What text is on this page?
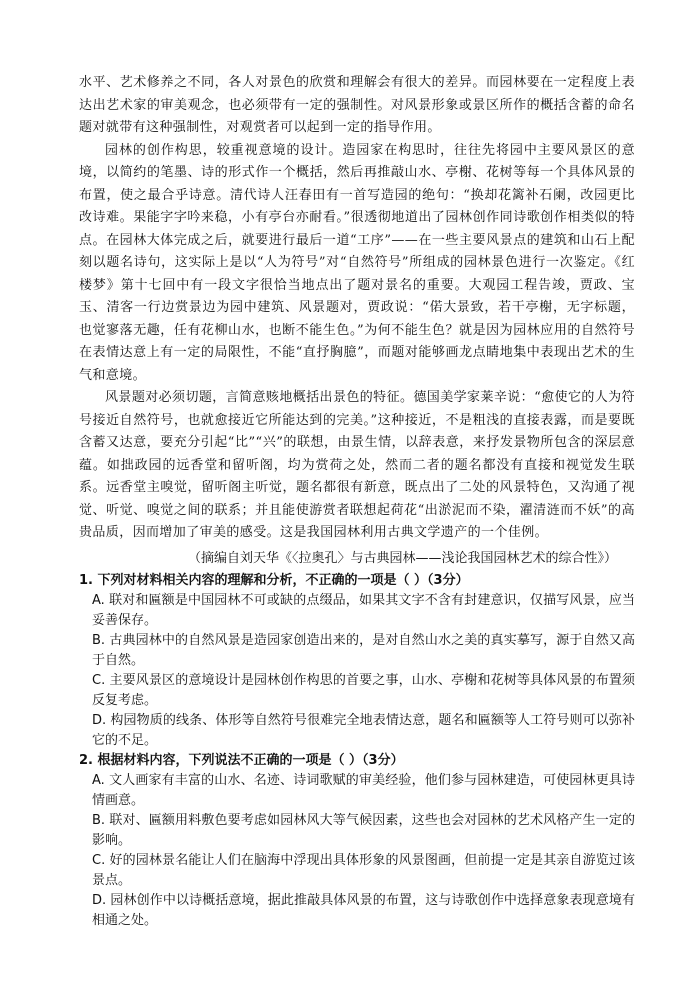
水平、艺术修养之不同，各人对景色的欣赏和理解会有很大的差异。而园林要在一定程度上表达出艺术家的审美观念，也必须带有一定的强制性。对风景形象或景区所作的概括含蓄的命名题对就带有这种强制性，对观赏者可以起到一定的指导作用。

园林的创作构思，较重视意境的设计。造园家在构思时，往往先将园中主要风景区的意境，以简约的笔墨、诗的形式作一个概括，然后再推敲山水、亭榭、花树等每一个具体风景的布置，使之最合乎诗意。清代诗人汪春田有一首写造园的绝句：“换却花篱补石阑，改园更比改诗难。果能字字吟来稳，小有亭台亦耐看。”很透彻地道出了园林创作同诗歌创作相类似的特点。在园林大体完成之后，就要进行最后一道“工序”——在一些主要风景点的建筑和山石上配刻以题名诗句，这实际上是以“人为符号”对“自然符号”所组成的园林景色进行一次鉴定。《红楼梦》第十七回中有一段文字很恰当地点出了题对景名的重要。大观园工程告竣，贾政、宝玉、清客一行边赏景边为园中建筑、风景题对，贾政说：“偌大景致，若干亭榭，无字标题，也觉寥落无趣，任有花柳山水，也断不能生色。”为何不能生色？就是因为园林应用的自然符号在表情达意上有一定的局限性，不能“直抒胸臆”，而题对能够画龙点睛地集中表现出艺术的生气和意境。

风景题对必须切题，言简意赅地概括出景色的特征。德国美学家莱辛说：“愈使它的人为符号接近自然符号，也就愈接近它所能达到的完美。”这种接近，不是粗浅的直接表露，而是要既含蓄又达意，要充分引起“比”“兴”的联想，由景生情，以辞表意，来抒发景物所包含的深层意蕴。如拙政园的远香堂和留听阁，均为赏荷之处，然而二者的题名都没有直接和视觉发生联系。远香堂主嗅觉，留听阁主听觉，题名都很有新意，既点出了二处的风景特色，又沟通了视觉、听觉、嗅觉之间的联系；并且能使游赏者联想起荷花“出淤泥而不染，濯清涟而不妖”的高贵品质，因而增加了审美的感受。这是我国园林利用古典文学遗产的一个佳例。

（摘编自刘天华《〈拉奥孔〉与古典园林——浅论我国园林艺术的综合性》）

1. 下列对材料相关内容的理解和分析，不正确的一项是（ ）（3分）

A. 联对和匾额是中国园林不可或缺的点缀品，如果其文字不含有封建意识，仅描写风景，应当妥善保存。

B. 古典园林中的自然风景是造园家创造出来的，是对自然山水之美的真实摹写，源于自然又高于自然。

C. 主要风景区的意境设计是园林创作构思的首要之事，山水、亭榭和花树等具体风景的布置须反复考虑。

D. 构园物质的线条、体形等自然符号很难完全地表情达意，题名和匾额等人工符号则可以弥补它的不足。

2. 根据材料内容，下列说法不正确的一项是（ ）（3分）

A. 文人画家有丰富的山水、名迹、诗词歌赋的审美经验，他们参与园林建造，可使园林更具诗情画意。

B. 联对、匾额用料敷色要考虑如园林风大等气候因素，这些也会对园林的艺术风格产生一定的影响。

C. 好的园林景名能让人们在脑海中浮现出具体形象的风景图画，但前提一定是其亲自游览过该景点。

D. 园林创作中以诗概括意境，据此推敲具体风景的布置，这与诗歌创作中选择意象表现意境有相通之处。
